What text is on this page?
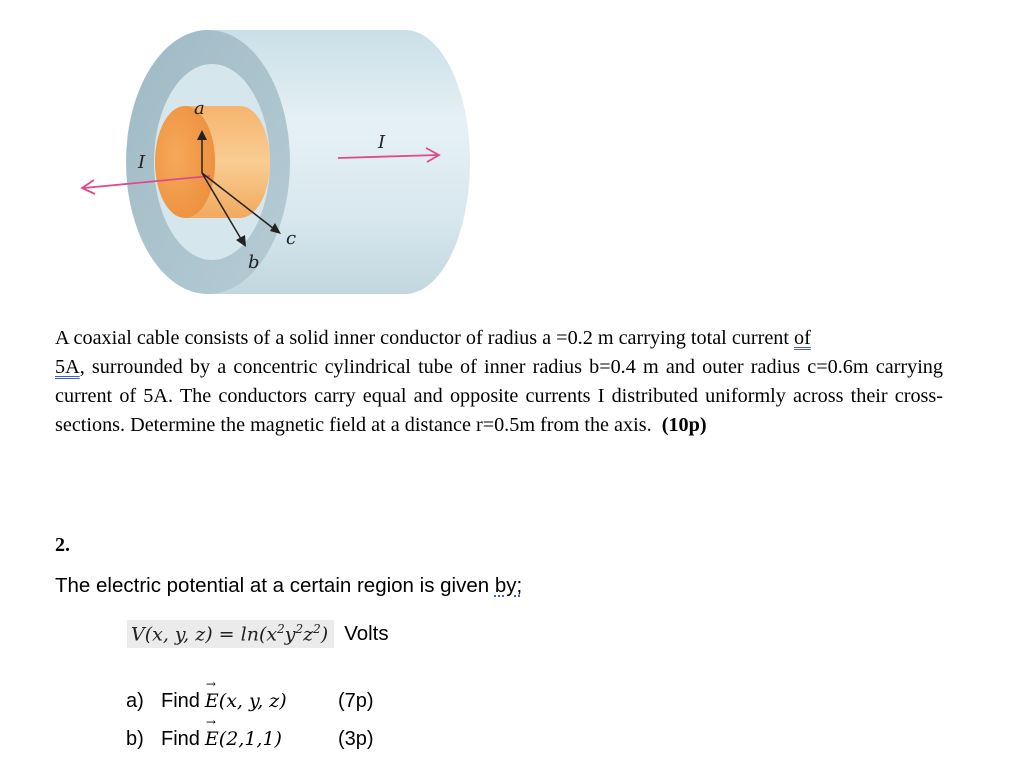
a
b
c
I
I

A coaxial cable consists of a solid inner conductor of radius a =0.2 m carrying total current of
5A, surrounded by a concentric cylindrical tube of inner radius b=0.4 m and outer radius c=0.6m carrying current of 5A. The conductors carry equal and opposite currents I distributed uniformly across their cross-sections. Determine the magnetic field at a distance r=0.5m from the axis. (10p)

2.

The electric potential at a certain region is given by;

V(x, y, $z) = \ln(x^2y^2z^2)$ Volts
a) Find → E (x, y, z)	(7p)
b) Find → E (2,1,1)	(3p)
